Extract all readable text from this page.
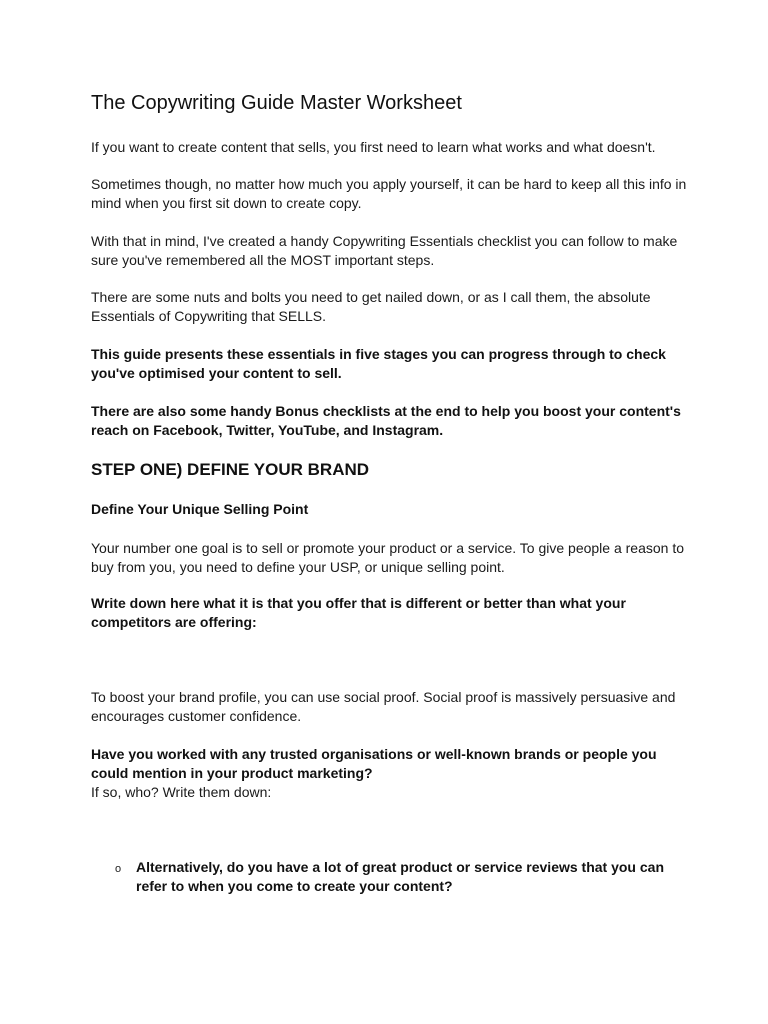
The Copywriting Guide Master Worksheet

If you want to create content that sells, you first need to learn what works and what doesn't.

Sometimes though, no matter how much you apply yourself, it can be hard to keep all this info in mind when you first sit down to create copy.

With that in mind, I've created a handy Copywriting Essentials checklist you can follow to make sure you've remembered all the MOST important steps.

There are some nuts and bolts you need to get nailed down, or as I call them, the absolute Essentials of Copywriting that SELLS.

This guide presents these essentials in five stages you can progress through to check you've optimised your content to sell.

There are also some handy Bonus checklists at the end to help you boost your content's reach on Facebook, Twitter, YouTube, and Instagram.

STEP ONE) DEFINE YOUR BRAND

Define Your Unique Selling Point

Your number one goal is to sell or promote your product or a service. To give people a reason to buy from you, you need to define your USP, or unique selling point.

Write down here what it is that you offer that is different or better than what your competitors are offering:

To boost your brand profile, you can use social proof. Social proof is massively persuasive and encourages customer confidence.

Have you worked with any trusted organisations or well-known brands or people you could mention in your product marketing?

If so, who? Write them down:

o Alternatively, do you have a lot of great product or service reviews that you can refer to when you come to create your content?
